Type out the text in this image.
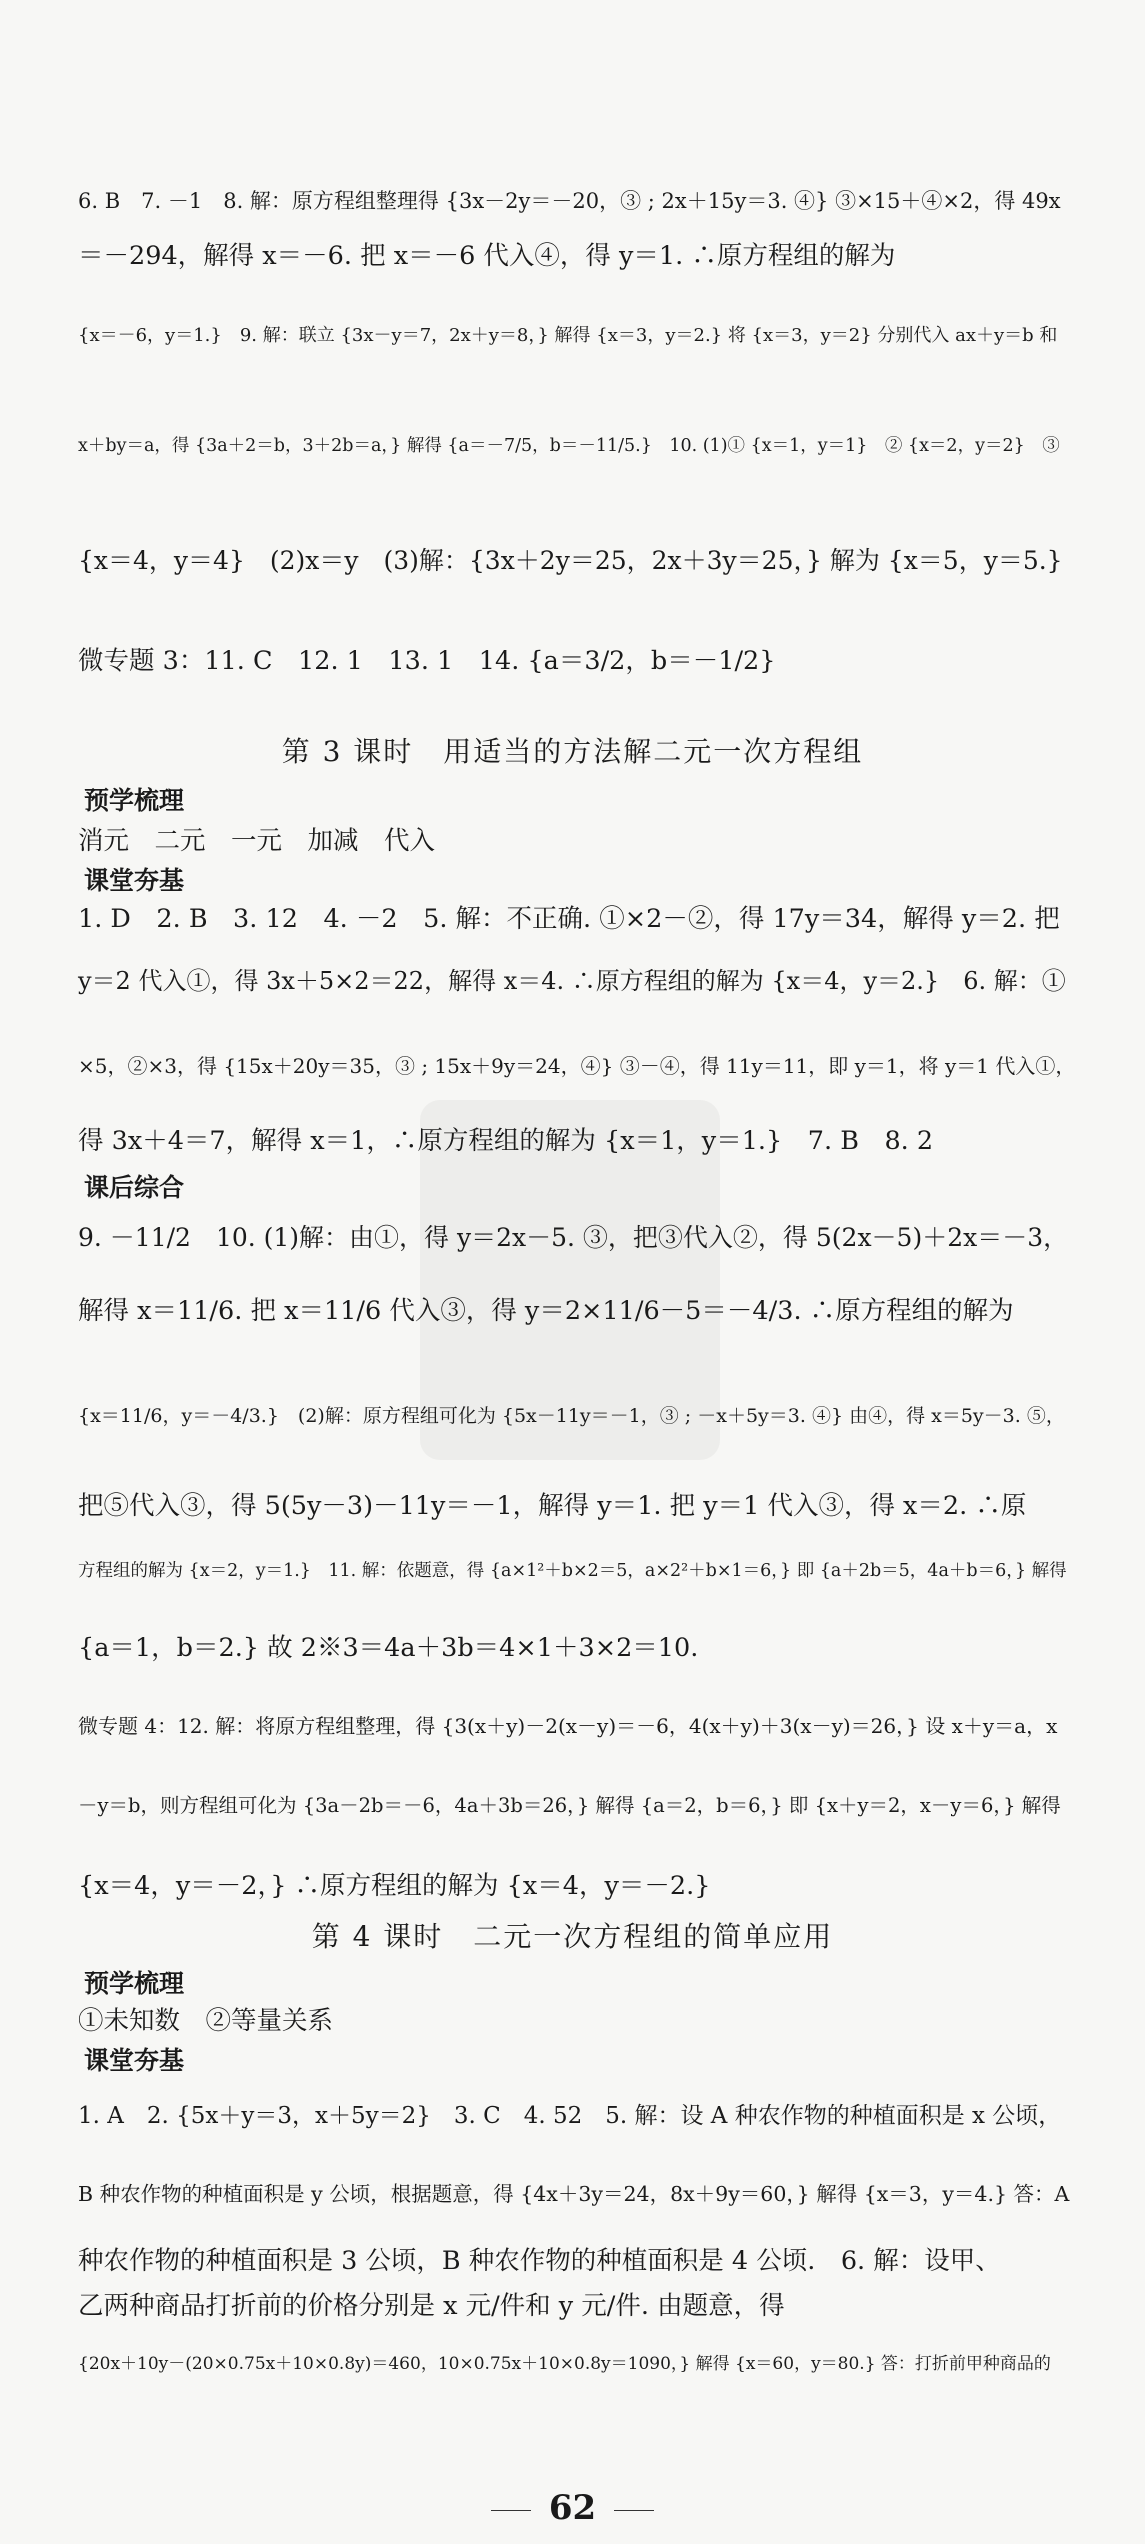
6. B　7. －1　8. 解：原方程组整理得 {3x－2y＝－20，③ ; 2x＋15y＝3. ④} ③×15＋④×2，得 49x
＝－294，解得 x＝－6. 把 x＝－6 代入④，得 y＝1. ∴原方程组的解为
{x＝－6，y＝1.}　9. 解：联立 {3x－y＝7，2x＋y＝8，} 解得 {x＝3，y＝2.} 将 {x＝3，y＝2} 分别代入 ax＋y＝b 和
x＋by＝a，得 {3a＋2＝b，3＋2b＝a，} 解得 {a＝－7/5，b＝－11/5.}　10. (1)① {x＝1，y＝1}　② {x＝2，y＝2}　③
{x＝4，y＝4}　(2)x＝y　(3)解：{3x＋2y＝25，2x＋3y＝25，} 解为 {x＝5，y＝5.}
微专题 3：11. C　12. 1　13. 1　14. {a＝3/2，b＝－1/2}
第 3 课时　用适当的方法解二元一次方程组
预学梳理
消元　二元　一元　加减　代入
课堂夯基
1. D　2. B　3. 12　4. －2　5. 解：不正确. ①×2－②，得 17y＝34，解得 y＝2. 把
y＝2 代入①，得 3x＋5×2＝22，解得 x＝4. ∴原方程组的解为 {x＝4，y＝2.}　6. 解：①
×5，②×3，得 {15x＋20y＝35，③ ; 15x＋9y＝24，④} ③－④，得 11y＝11，即 y＝1，将 y＝1 代入①，
得 3x＋4＝7，解得 x＝1，∴原方程组的解为 {x＝1，y＝1.}　7. B　8. 2
课后综合
9. －11/2　10. (1)解：由①，得 y＝2x－5. ③，把③代入②，得 5(2x－5)＋2x＝－3，
解得 x＝11/6. 把 x＝11/6 代入③，得 y＝2×11/6－5＝－4/3. ∴原方程组的解为
{x＝11/6，y＝－4/3.}　(2)解：原方程组可化为 {5x－11y＝－1，③ ; －x＋5y＝3. ④} 由④，得 x＝5y－3. ⑤，
把⑤代入③，得 5(5y－3)－11y＝－1，解得 y＝1. 把 y＝1 代入③，得 x＝2. ∴原
方程组的解为 {x＝2，y＝1.}　11. 解：依题意，得 {a×1²＋b×2＝5，a×2²＋b×1＝6，} 即 {a＋2b＝5，4a＋b＝6，} 解得
{a＝1，b＝2.} 故 2※3＝4a＋3b＝4×1＋3×2＝10.
微专题 4：12. 解：将原方程组整理，得 {3(x＋y)－2(x－y)＝－6，4(x＋y)＋3(x－y)＝26，} 设 x＋y＝a，x
－y＝b，则方程组可化为 {3a－2b＝－6，4a＋3b＝26，} 解得 {a＝2，b＝6，} 即 {x＋y＝2，x－y＝6，} 解得
{x＝4，y＝－2，} ∴原方程组的解为 {x＝4，y＝－2.}
第 4 课时　二元一次方程组的简单应用
预学梳理
①未知数　②等量关系
课堂夯基
1. A　2. {5x＋y＝3，x＋5y＝2}　3. C　4. 52　5. 解：设 A 种农作物的种植面积是 x 公顷，
B 种农作物的种植面积是 y 公顷，根据题意，得 {4x＋3y＝24，8x＋9y＝60，} 解得 {x＝3，y＝4.} 答：A
种农作物的种植面积是 3 公顷，B 种农作物的种植面积是 4 公顷.　6. 解：设甲、
乙两种商品打折前的价格分别是 x 元/件和 y 元/件. 由题意，得
{20x＋10y－(20×0.75x＋10×0.8y)＝460，10×0.75x＋10×0.8y＝1090，} 解得 {x＝60，y＝80.} 答：打折前甲种商品的
62
